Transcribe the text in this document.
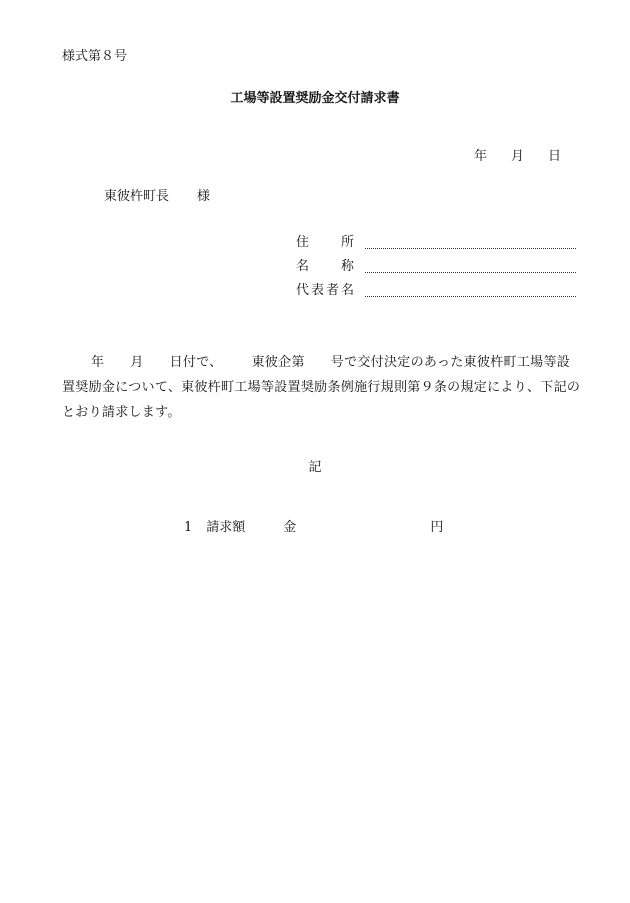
様式第８号
工場等設置奨励金交付請求書
年 月 日
東彼杵町長 様
住所
名称
代表者名
年 月 日付で、 東彼企第 号で交付決定のあった東彼杵町工場等設置奨励金について、東彼杵町工場等設置奨励条例施行規則第９条の規定により、下記のとおり請求します。
記
1 請求額	金	円
